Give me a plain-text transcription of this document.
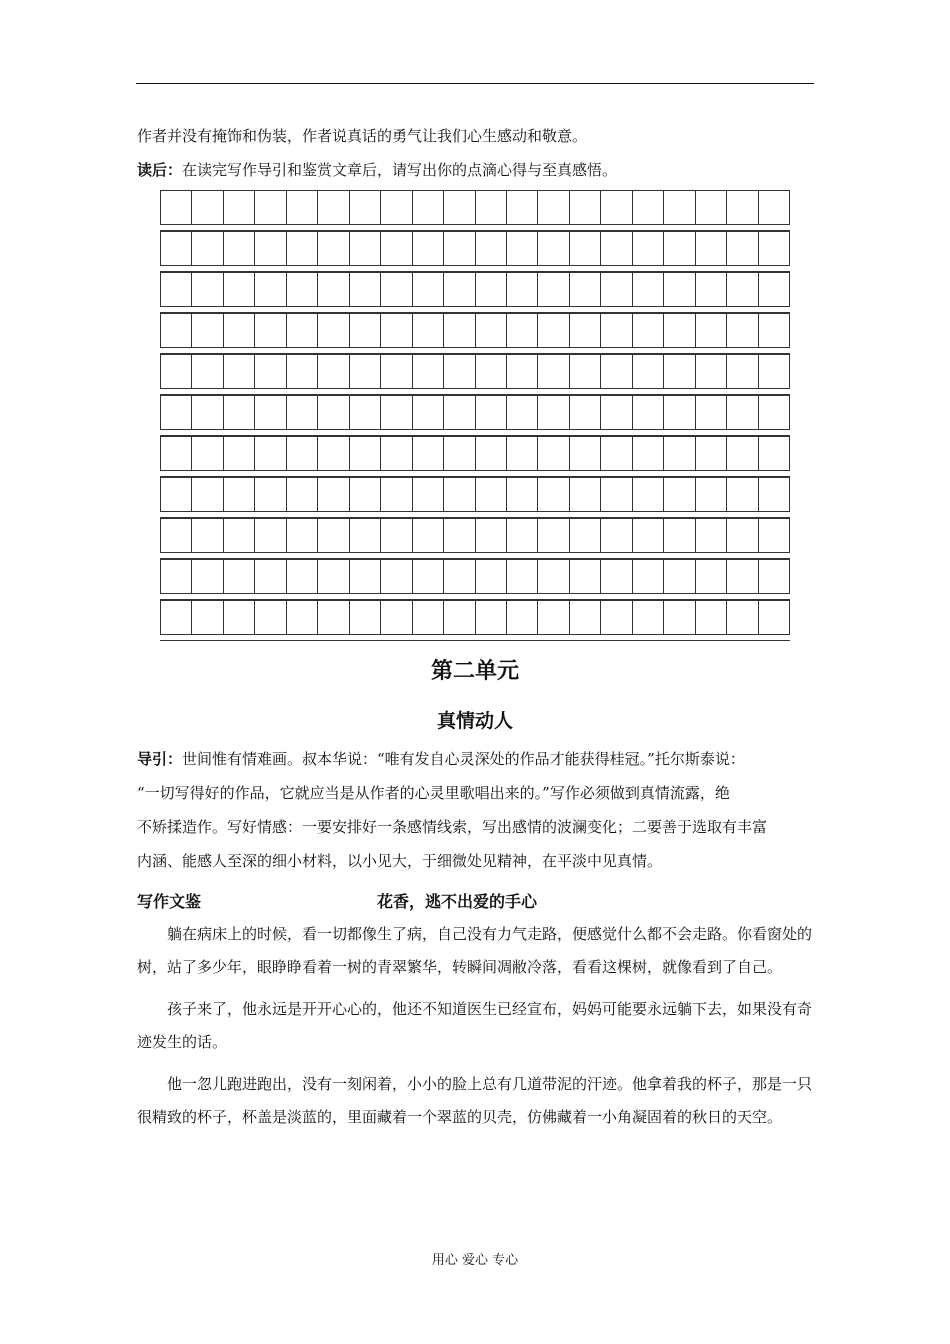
作者并没有掩饰和伪装，作者说真话的勇气让我们心生感动和敬意。
读后：在读完写作导引和鉴赏文章后，请写出你的点滴心得与至真感悟。
第二单元
真情动人

导引：世间惟有情难画。叔本华说：“唯有发自心灵深处的作品才能获得桂冠。”托尔斯泰说：

“一切写得好的作品，它就应当是从作者的心灵里歌唱出来的。”写作必须做到真情流露，绝

不矫揉造作。写好情感：一要安排好一条感情线索，写出感情的波澜变化；二要善于选取有丰富

内涵、能感人至深的细小材料，以小见大，于细微处见精神，在平淡中见真情。

写作文鉴	花香，逃不出爱的手心

躺在病床上的时候，看一切都像生了病，自己没有力气走路，便感觉什么都不会走路。你看窗处的树，站了多少年，眼睁睁看着一树的青翠繁华，转瞬间凋敝冷落，看看这棵树，就像看到了自己。

孩子来了，他永远是开开心心的，他还不知道医生已经宣布，妈妈可能要永远躺下去，如果没有奇迹发生的话。

他一忽儿跑进跑出，没有一刻闲着，小小的脸上总有几道带泥的汗迹。他拿着我的杯子，那是一只很精致的杯子，杯盖是淡蓝的，里面藏着一个翠蓝的贝壳，仿佛藏着一小角凝固着的秋日的天空。

用心 爱心 专心
